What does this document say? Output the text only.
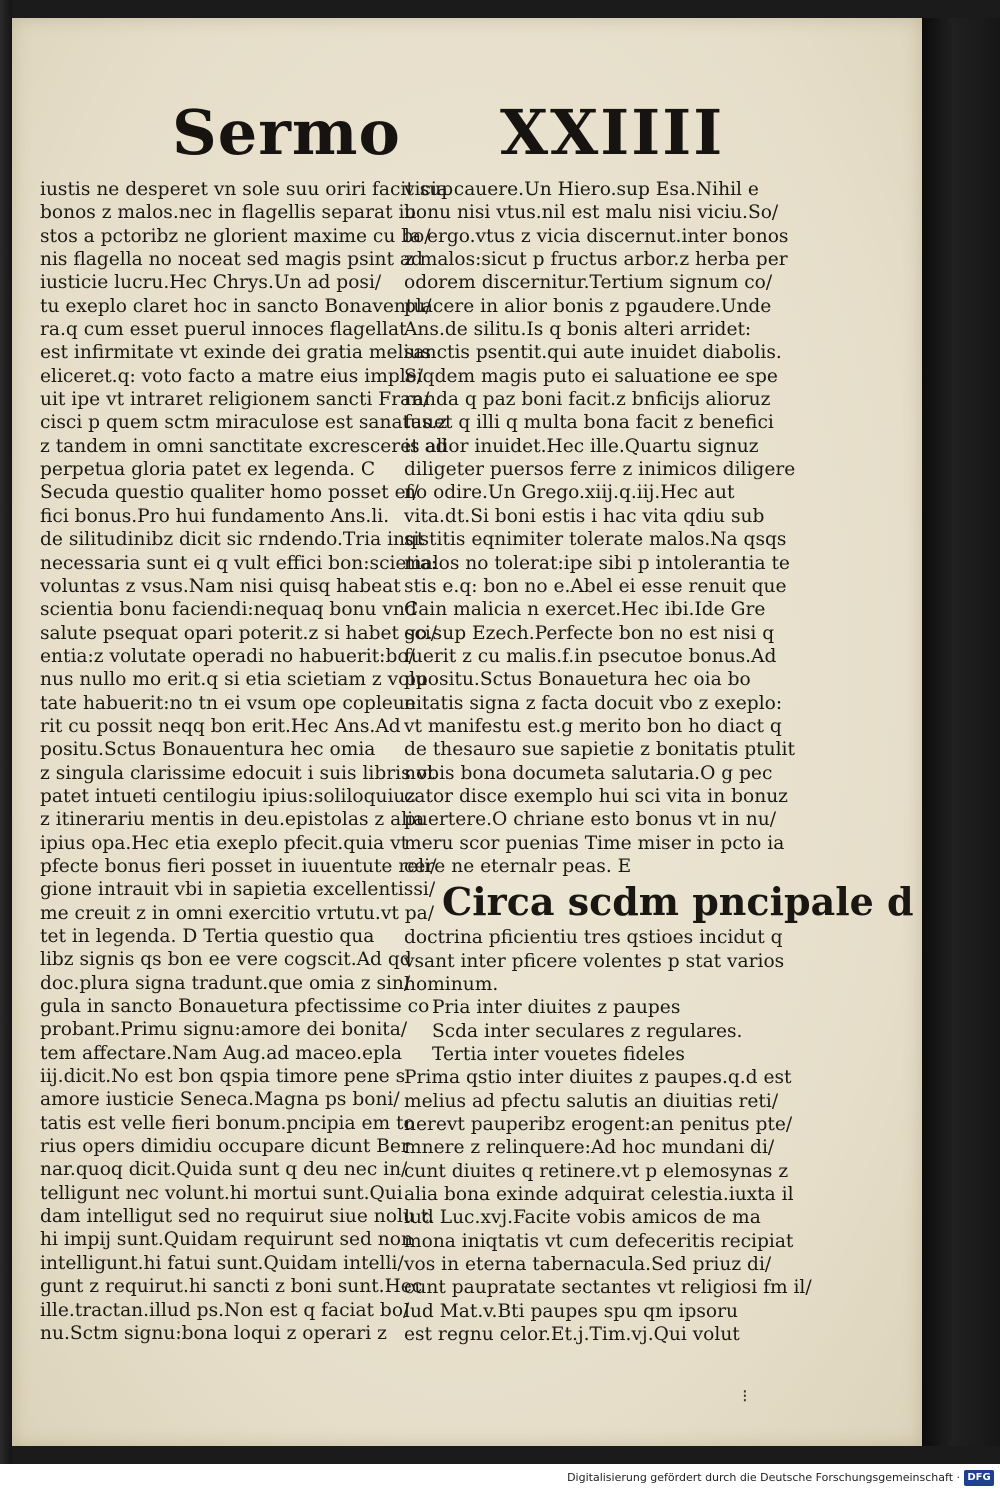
Sermo XXIIII
iustis ne desperet vn sole suu oriri facit sup
bonos z malos.nec in flagellis separat iu
stos a pctoribz ne glorient maxime cu bo/
nis flagella no noceat sed magis psint ad
iusticie lucru.Hec Chrys.Un ad posi/
tu exeplo claret hoc in sancto Bonaventu/
ra.q cum esset puerul innoces flagellat
est infirmitate vt exinde dei gratia melius
eliceret.q: voto facto a matre eius imple/
uit ipe vt intraret religionem sancti Fran/
cisci p quem sctm miraculose est sanatus.z
z tandem in omni sanctitate excresceret ad
perpetua gloria patet ex legenda. C
Secuda questio qualiter homo posset ef/
fici bonus.Pro hui fundamento Ans.li.
de silitudinibz dicit sic rndendo.Tria inqt
necessaria sunt ei q vult effici bon:scietia:
voluntas z vsus.Nam nisi quisq habeat
scientia bonu faciendi:nequaq bonu vnd
salute psequat opari poterit.z si habet sci/
entia:z volutate operadi no habuerit:bo/
nus nullo mo erit.q si etia scietiam z volu
tate habuerit:no tn ei vsum ope copleue
rit cu possit neqq bon erit.Hec Ans.Ad
positu.Sctus Bonauentura hec omia
z singula clarissime edocuit i suis libris vt
patet intueti centilogiu ipius:soliloquiuz
z itinerariu mentis in deu.epistolas z alia
ipius opa.Hec etia exeplo pfecit.quia vt
pfecte bonus fieri posset in iuuentute reli/
gione intrauit vbi in sapietia excellentissi/
me creuit z in omni exercitio vrtutu.vt pa/
tet in legenda. D Tertia questio qua
libz signis qs bon ee vere cogscit.Ad qd
doc.plura signa tradunt.que omia z sin/
gula in sancto Bonauetura pfectissime co
probant.Primu signu:amore dei bonita/
tem affectare.Nam Aug.ad maceo.epla
iij.dicit.No est bon qspia timore pene s
amore iusticie Seneca.Magna ps boni/
tatis est velle fieri bonum.pncipia em to
rius opers dimidiu occupare dicunt Ber
nar.quoq dicit.Quida sunt q deu nec in/
telligunt nec volunt.hi mortui sunt.Qui
dam intelligut sed no requirut siue nolu t.
hi impij sunt.Quidam requirunt sed non
intelligunt.hi fatui sunt.Quidam intelli/
gunt z requirut.hi sancti z boni sunt.Hec
ille.tractan.illud ps.Non est q faciat bo/
nu.Sctm signu:bona loqui z operari z
vicia cauere.Un Hiero.sup Esa.Nihil e
bonu nisi vtus.nil est malu nisi viciu.So/
la ergo.vtus z vicia discernut.inter bonos
z malos:sicut p fructus arbor.z herba per
odorem discernitur.Tertium signum co/
placere in alior bonis z pgaudere.Unde
Ans.de silitu.Is q bonis alteri arridet:
sanctis psentit.qui aute inuidet diabolis.
Siqdem magis puto ei saluatione ee spe
randa q paz boni facit.z bnficijs alioruz
fauet q illi q multa bona facit z benefici
is alior inuidet.Hec ille.Quartu signuz
diligeter puersos ferre z inimicos diligere
no odire.Un Grego.xiij.q.iij.Hec aut
vita.dt.Si boni estis i hac vita qdiu sub
sistitis eqnimiter tolerate malos.Na qsqs
malos no tolerat:ipe sibi p intolerantia te
stis e.q: bon no e.Abel ei esse renuit que
Cain malicia n exercet.Hec ibi.Ide Gre
go.sup Ezech.Perfecte bon no est nisi q
fuerit z cu malis.f.in psecutoe bonus.Ad
ppositu.Sctus Bonauetura hec oia bo
nitatis signa z facta docuit vbo z exeplo:
vt manifestu est.g merito bon ho diact q
de thesauro sue sapietie z bonitatis ptulit
nobis bona documeta salutaria.O g pec
cator disce exemplo hui sci vita in bonuz
puertere.O chriane esto bonus vt in nu/
meru scor puenias Time miser in pcto ia
cere ne eternalr peas. E
Circa scdm pncipale d
doctrina pficientiu tres qstioes incidut q
vsant inter pficere volentes p stat varios
hominum.
Pria inter diuites z paupes
Scda inter seculares z regulares.
Tertia inter vouetes fideles
Prima qstio inter diuites z paupes.q.d est
melius ad pfectu salutis an diuitias reti/
nerevt pauperibz erogent:an penitus pte/
mnere z relinquere:Ad hoc mundani di/
cunt diuites q retinere.vt p elemosynas z
alia bona exinde adquirat celestia.iuxta il
lud Luc.xvj.Facite vobis amicos de ma
mona iniqtatis vt cum defeceritis recipiat
vos in eterna tabernacula.Sed priuz di/
cunt paupratate sectantes vt religiosi fm il/
lud Mat.v.Bti paupes spu qm ipsoru
est regnu celor.Et.j.Tim.vj.Qui volut
⁝
Digitalisierung gefördert durch die Deutsche Forschungsgemeinschaft · DFG
